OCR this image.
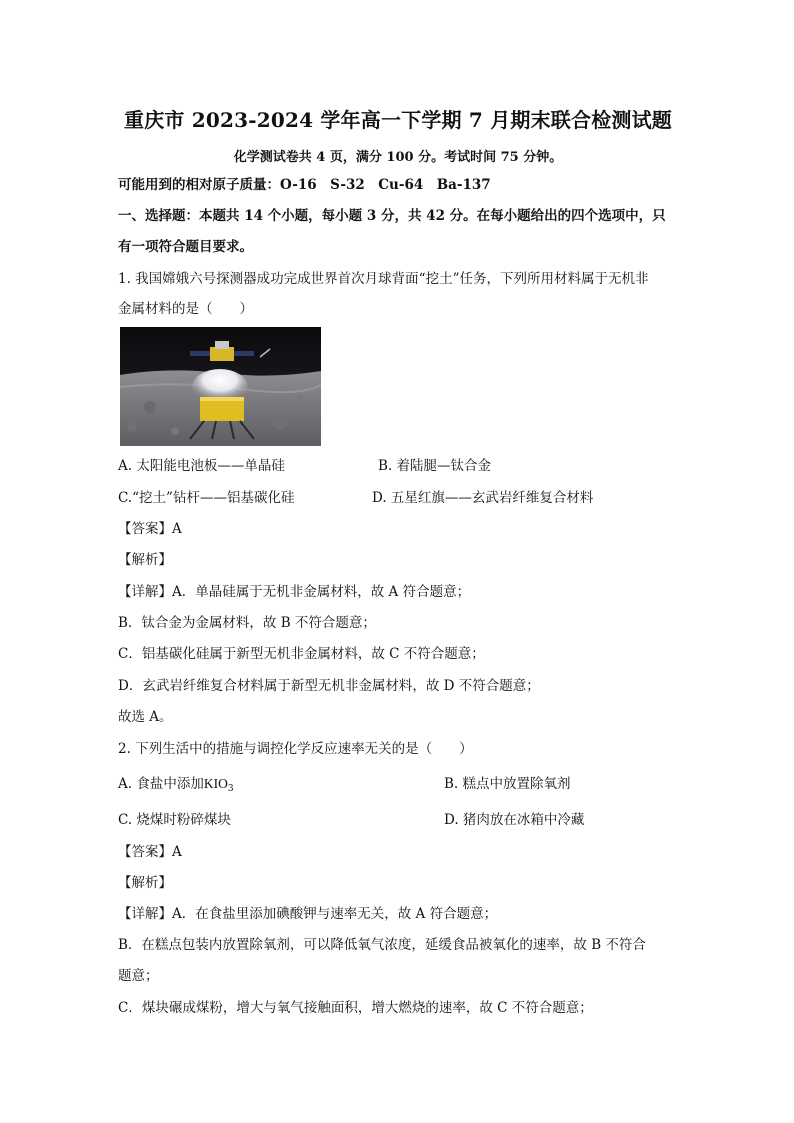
重庆市 2023-2024 学年高一下学期 7 月期末联合检测试题
化学测试卷共 4 页，满分 100 分。考试时间 75 分钟。
可能用到的相对原子质量：O-16　S-32　Cu-64　Ba-137
一、选择题：本题共 14 个小题，每小题 3 分，共 42 分。在每小题给出的四个选项中，只
有一项符合题目要求。
1. 我国嫦娥六号探测器成功完成世界首次月球背面“挖土”任务，下列所用材料属于无机非
金属材料的是（　　）
A. 太阳能电池板——单晶硅	B. 着陆腿—钛合金
C.“挖土”钻杆——铝基碳化硅	D. 五星红旗——玄武岩纤维复合材料
【答案】A
【解析】
【详解】A．单晶硅属于无机非金属材料，故 A 符合题意；
B．钛合金为金属材料，故 B 不符合题意；
C．铝基碳化硅属于新型无机非金属材料，故 C 不符合题意；
D．玄武岩纤维复合材料属于新型无机非金属材料，故 D 不符合题意；
故选 A。
2. 下列生活中的措施与调控化学反应速率无关的是（　　）
A. 食盐中添加$KIO_3$	B. 糕点中放置除氧剂
C. 烧煤时粉碎煤块	D. 猪肉放在冰箱中冷藏
【答案】A
【解析】
【详解】A．在食盐里添加碘酸钾与速率无关，故 A 符合题意；
B．在糕点包装内放置除氧剂，可以降低氧气浓度，延缓食品被氧化的速率，故 B 不符合
题意；
C．煤块碾成煤粉，增大与氧气接触面积，增大燃烧的速率，故 C 不符合题意；
